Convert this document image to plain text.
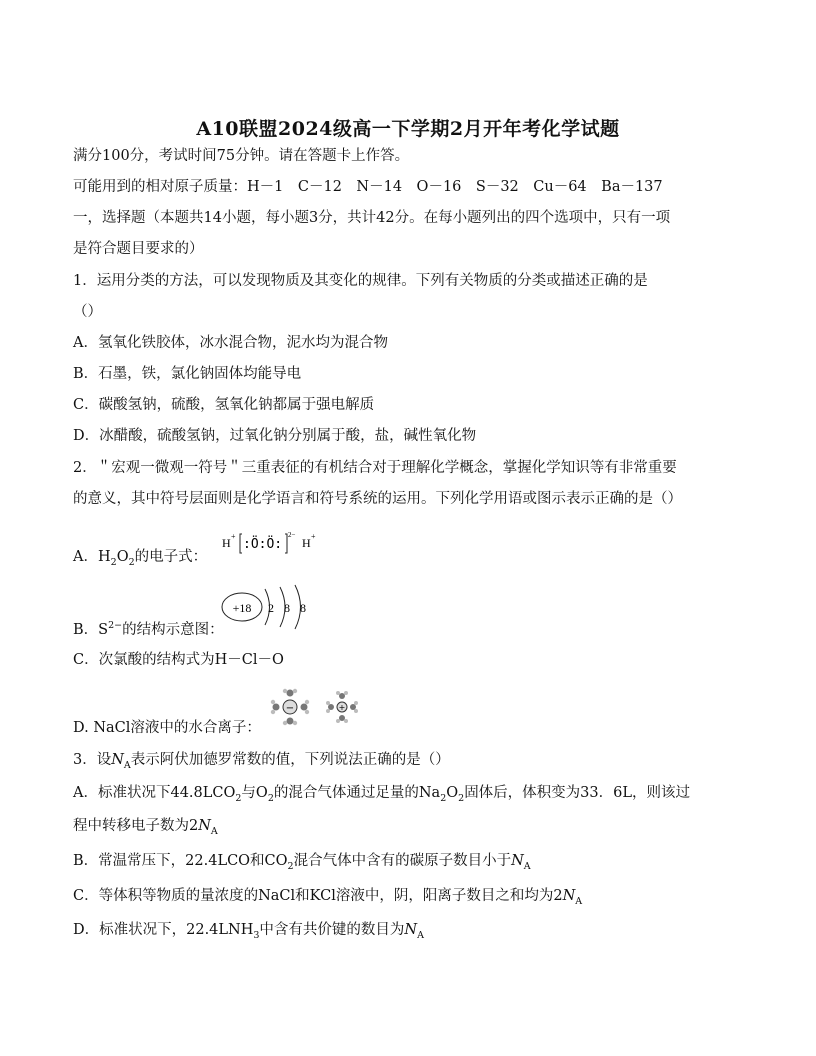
A10联盟2024级高一下学期2月开年考化学试题
满分100分，考试时间75分钟。请在答题卡上作答。
可能用到的相对原子质量：H－1　C－12　N－14　O－16　S－32　Cu－64　Ba－137
一，选择题（本题共14小题，每小题3分，共计42分。在每小题列出的四个选项中，只有一项
是符合题目要求的）
1．运用分类的方法，可以发现物质及其变化的规律。下列有关物质的分类或描述正确的是
（）
A．氢氧化铁胶体，冰水混合物，泥水均为混合物
B．石墨，铁，氯化钠固体均能导电
C．碳酸氢钠，硫酸，氢氧化钠都属于强电解质
D．冰醋酸，硫酸氢钠，过氧化钠分别属于酸，盐，碱性氧化物
2．＂宏观一微观一符号＂三重表征的有机结合对于理解化学概念，掌握化学知识等有非常重要
的意义，其中符号层面则是化学语言和符号系统的运用。下列化学用语或图示表示正确的是（）
A．$H_2O_2$的电子式：
H +
:Ö:Ö:
2−
H +
B．$S^{2-}$的结构示意图：
+18 2 8 8
C．次氯酸的结构式为H－Cl－O
D. NaCl溶液中的水合离子：
−	+
3．设$N_A$表示阿伏加德罗常数的值，下列说法正确的是（）
A．标准状况下$44.8LCO_2$与$O_2$的混合气体通过足量的$Na_2O_2$固体后，体积变为33．6L，则该过
程中转移电子数为$2N_A$
B．常温常压下，22.4LCO和$CO_2$混合气体中含有的碳原子数目小于$N_A$
C．等体积等物质的量浓度的NaCl和KCl溶液中，阴，阳离子数目之和均为$2N_A$
D．标准状况下，$22.4LNH_3$中含有共价键的数目为$N_A$
